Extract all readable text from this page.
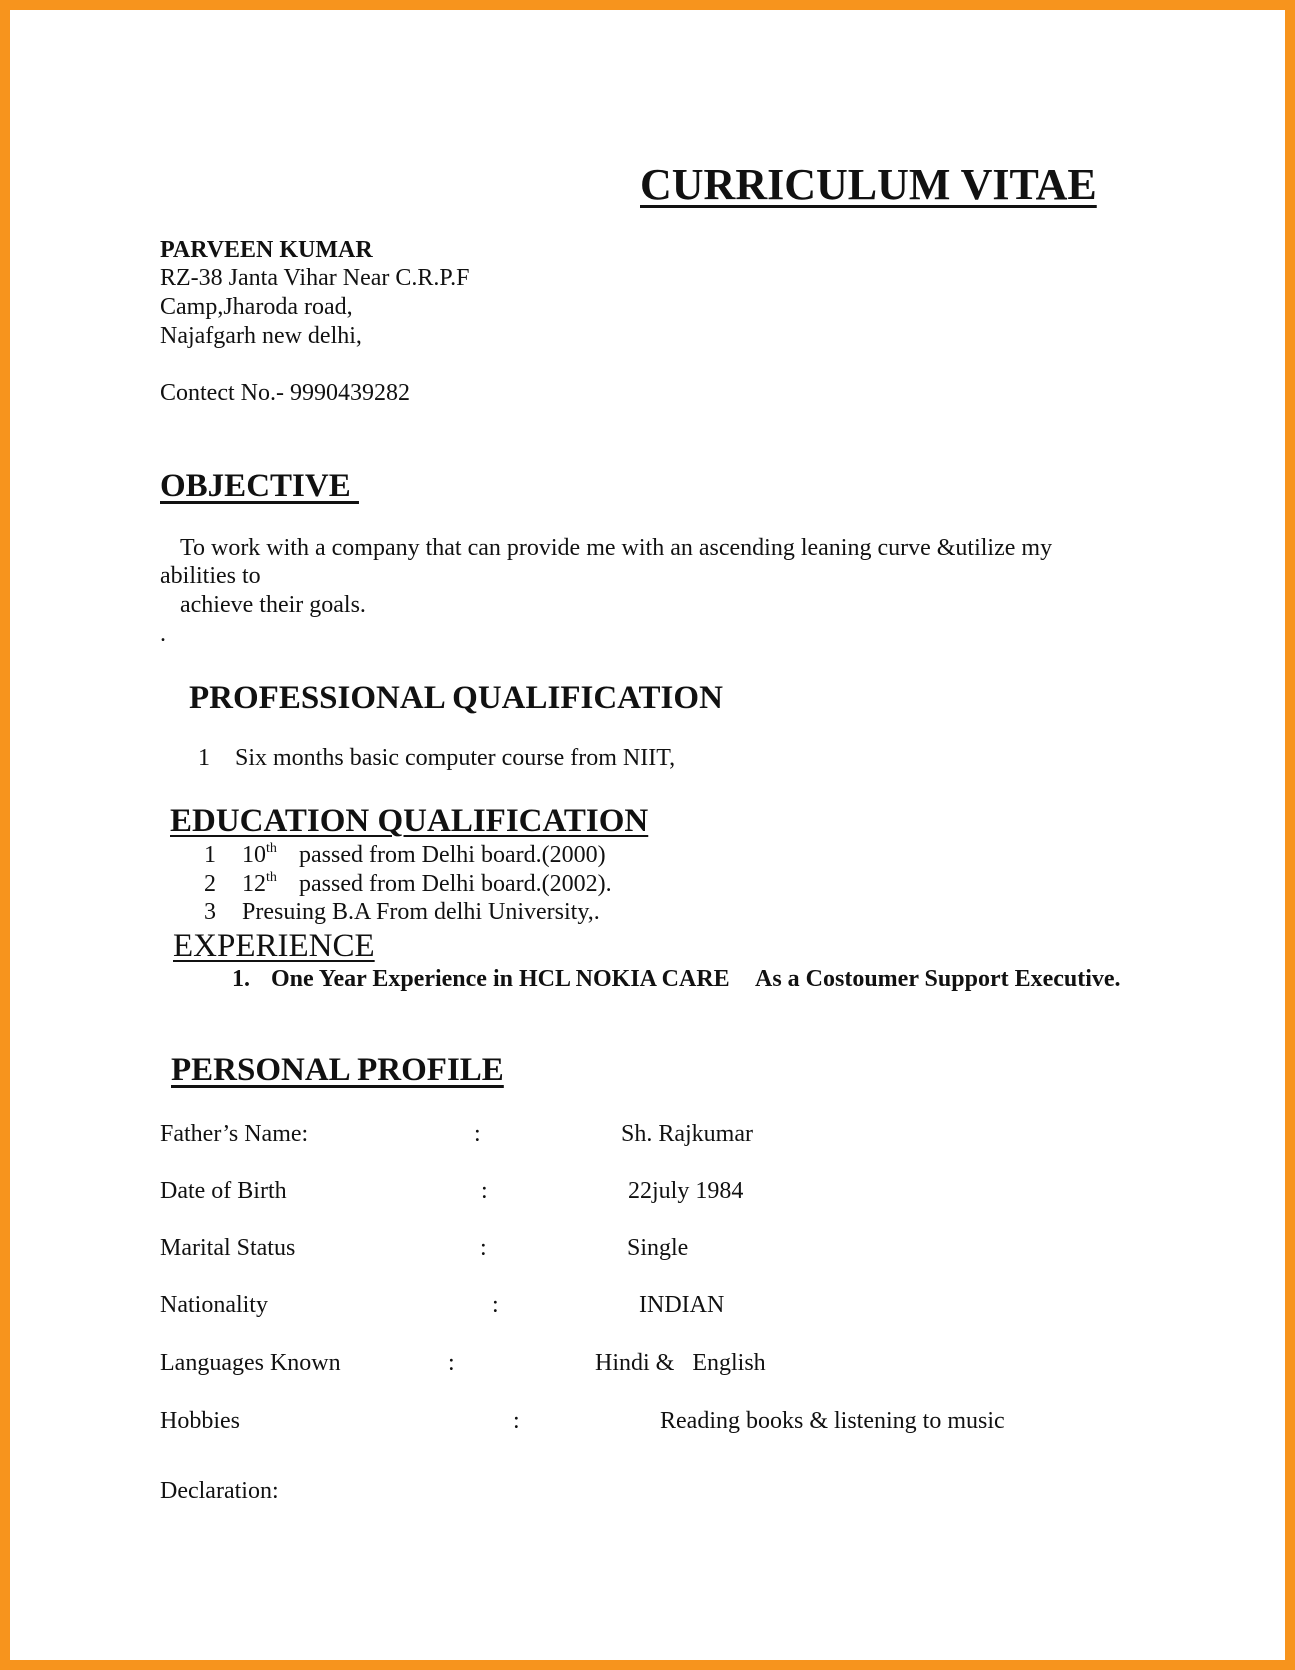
CURRICULUM VITAE
PARVEEN KUMAR
RZ-38 Janta Vihar Near C.R.P.F
Camp,Jharoda road,
Najafgarh new delhi,
Contect No.- 9990439282
OBJECTIVE
To work with a company that can provide me with an ascending leaning curve &utilize my
abilities to
achieve their goals.
.
PROFESSIONAL QUALIFICATION
1 Six months basic computer course from NIIT,
EDUCATION QUALIFICATION
1 10th passed from Delhi board.(2000)
2 12th passed from Delhi board.(2002).
3 Presuing B.A From delhi University,.
EXPERIENCE
1. One Year Experience in HCL NOKIA CARE As a Costoumer Support Executive.
PERSONAL PROFILE
Father’s Name:	:	Sh. Rajkumar
Date of Birth	:	22july 1984
Marital Status	:	Single
Nationality	:	INDIAN
Languages Known	:	Hindi &   English
Hobbies	:	Reading books & listening to music
Declaration:
